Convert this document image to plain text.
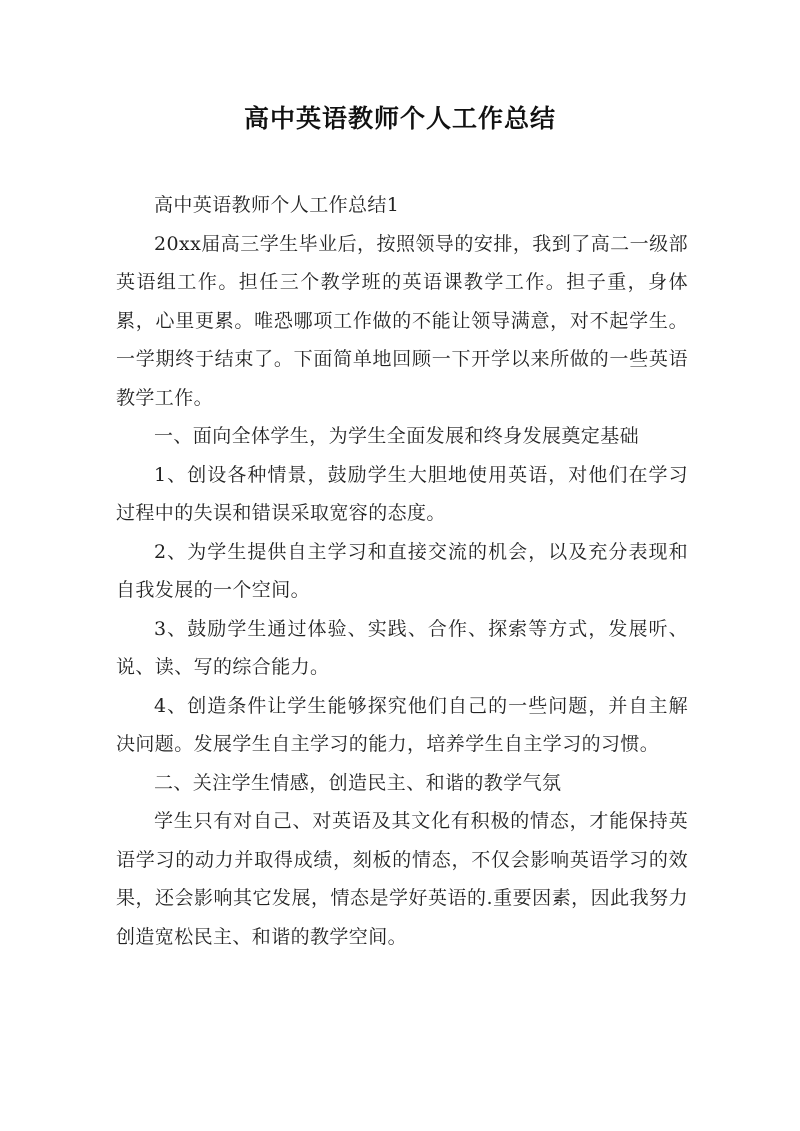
高中英语教师个人工作总结

高中英语教师个人工作总结1

20xx届高三学生毕业后，按照领导的安排，我到了高二一级部英语组工作。担任三个教学班的英语课教学工作。担子重，身体累，心里更累。唯恐哪项工作做的不能让领导满意，对不起学生。一学期终于结束了。下面简单地回顾一下开学以来所做的一些英语教学工作。

一、面向全体学生，为学生全面发展和终身发展奠定基础

1、创设各种情景，鼓励学生大胆地使用英语，对他们在学习过程中的失误和错误采取宽容的态度。

2、为学生提供自主学习和直接交流的机会，以及充分表现和自我发展的一个空间。

3、鼓励学生通过体验、实践、合作、探索等方式，发展听、说、读、写的综合能力。

4、创造条件让学生能够探究他们自己的一些问题，并自主解决问题。发展学生自主学习的能力，培养学生自主学习的习惯。

二、关注学生情感，创造民主、和谐的教学气氛

学生只有对自己、对英语及其文化有积极的情态，才能保持英语学习的动力并取得成绩，刻板的情态，不仅会影响英语学习的效果，还会影响其它发展，情态是学好英语的.重要因素，因此我努力创造宽松民主、和谐的教学空间。
